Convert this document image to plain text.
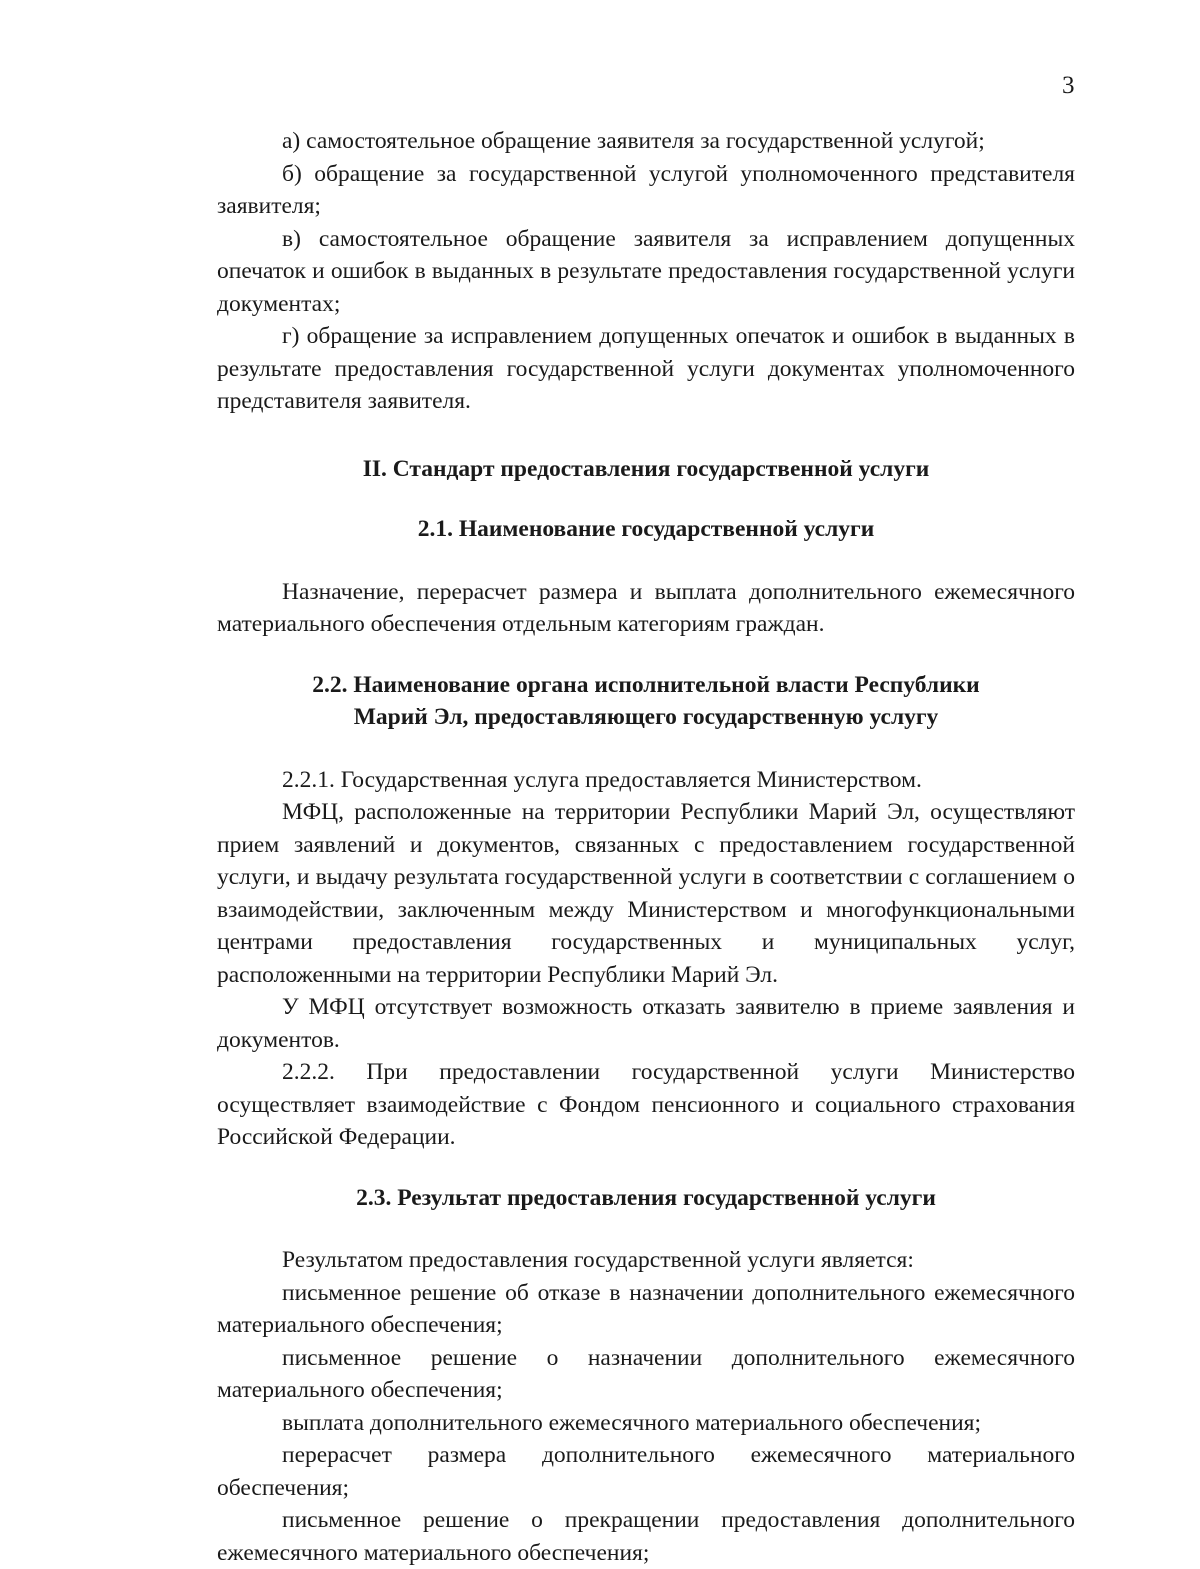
3

а) самостоятельное обращение заявителя за государственной услугой;

б) обращение за государственной услугой уполномоченного представителя заявителя;

в) самостоятельное обращение заявителя за исправлением допущенных опечаток и ошибок в выданных в результате предоставления государственной услуги документах;

г) обращение за исправлением допущенных опечаток и ошибок в выданных в результате предоставления государственной услуги документах уполномоченного представителя заявителя.

II. Стандарт предоставления государственной услуги
2.1. Наименование государственной услуги

Назначение, перерасчет размера и выплата дополнительного ежемесячного материального обеспечения отдельным категориям граждан.

2.2. Наименование органа исполнительной власти Республики
Марий Эл, предоставляющего государственную услугу

2.2.1. Государственная услуга предоставляется Министерством.

МФЦ, расположенные на территории Республики Марий Эл, осуществляют прием заявлений и документов, связанных с предоставлением государственной услуги, и выдачу результата государственной услуги в соответствии с соглашением о взаимодействии, заключенным между Министерством и многофункциональными центрами предоставления государственных и муниципальных услуг, расположенными на территории Республики Марий Эл.

У МФЦ отсутствует возможность отказать заявителю в приеме заявления и документов.

2.2.2. При предоставлении государственной услуги Министерство осуществляет взаимодействие с Фондом пенсионного и социального страхования Российской Федерации.

2.3. Результат предоставления государственной услуги

Результатом предоставления государственной услуги является:

письменное решение об отказе в назначении дополнительного ежемесячного материального обеспечения;

письменное решение о назначении дополнительного ежемесячного материального обеспечения;

выплата дополнительного ежемесячного материального обеспечения;

перерасчет размера дополнительного ежемесячного материального обеспечения;

письменное решение о прекращении предоставления дополнительного ежемесячного материального обеспечения;
